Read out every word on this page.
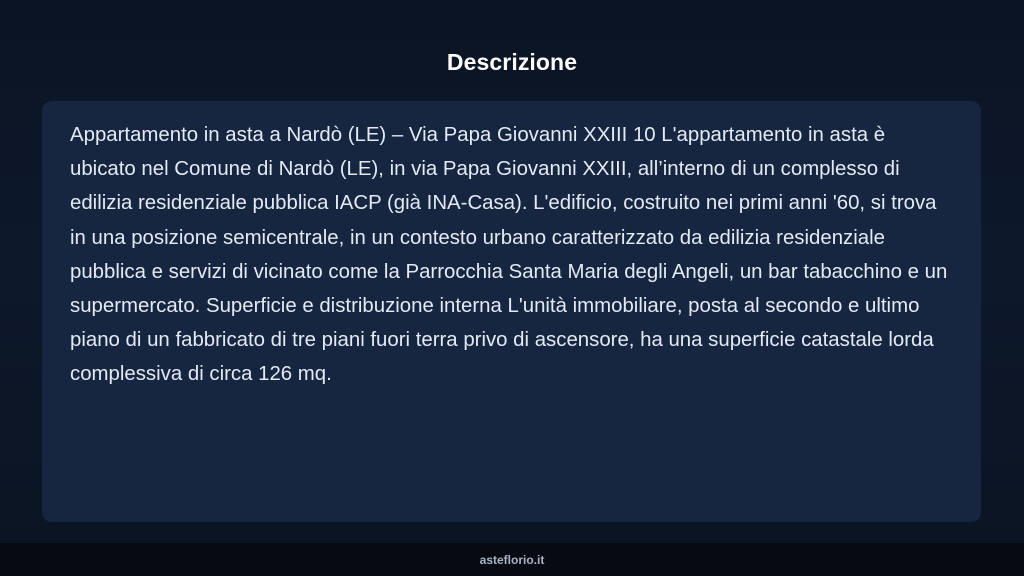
Descrizione

Appartamento in asta a Nardò (LE) – Via Papa Giovanni XXIII 10 L'appartamento in asta è ubicato nel Comune di Nardò (LE), in via Papa Giovanni XXIII, all’interno di un complesso di edilizia residenziale pubblica IACP (già INA-Casa). L'edificio, costruito nei primi anni '60, si trova in una posizione semicentrale, in un contesto urbano caratterizzato da edilizia residenziale pubblica e servizi di vicinato come la Parrocchia Santa Maria degli Angeli, un bar tabacchino e un supermercato. Superficie e distribuzione interna L'unità immobiliare, posta al secondo e ultimo piano di un fabbricato di tre piani fuori terra privo di ascensore, ha una superficie catastale lorda complessiva di circa 126 mq.

asteflorio.it
